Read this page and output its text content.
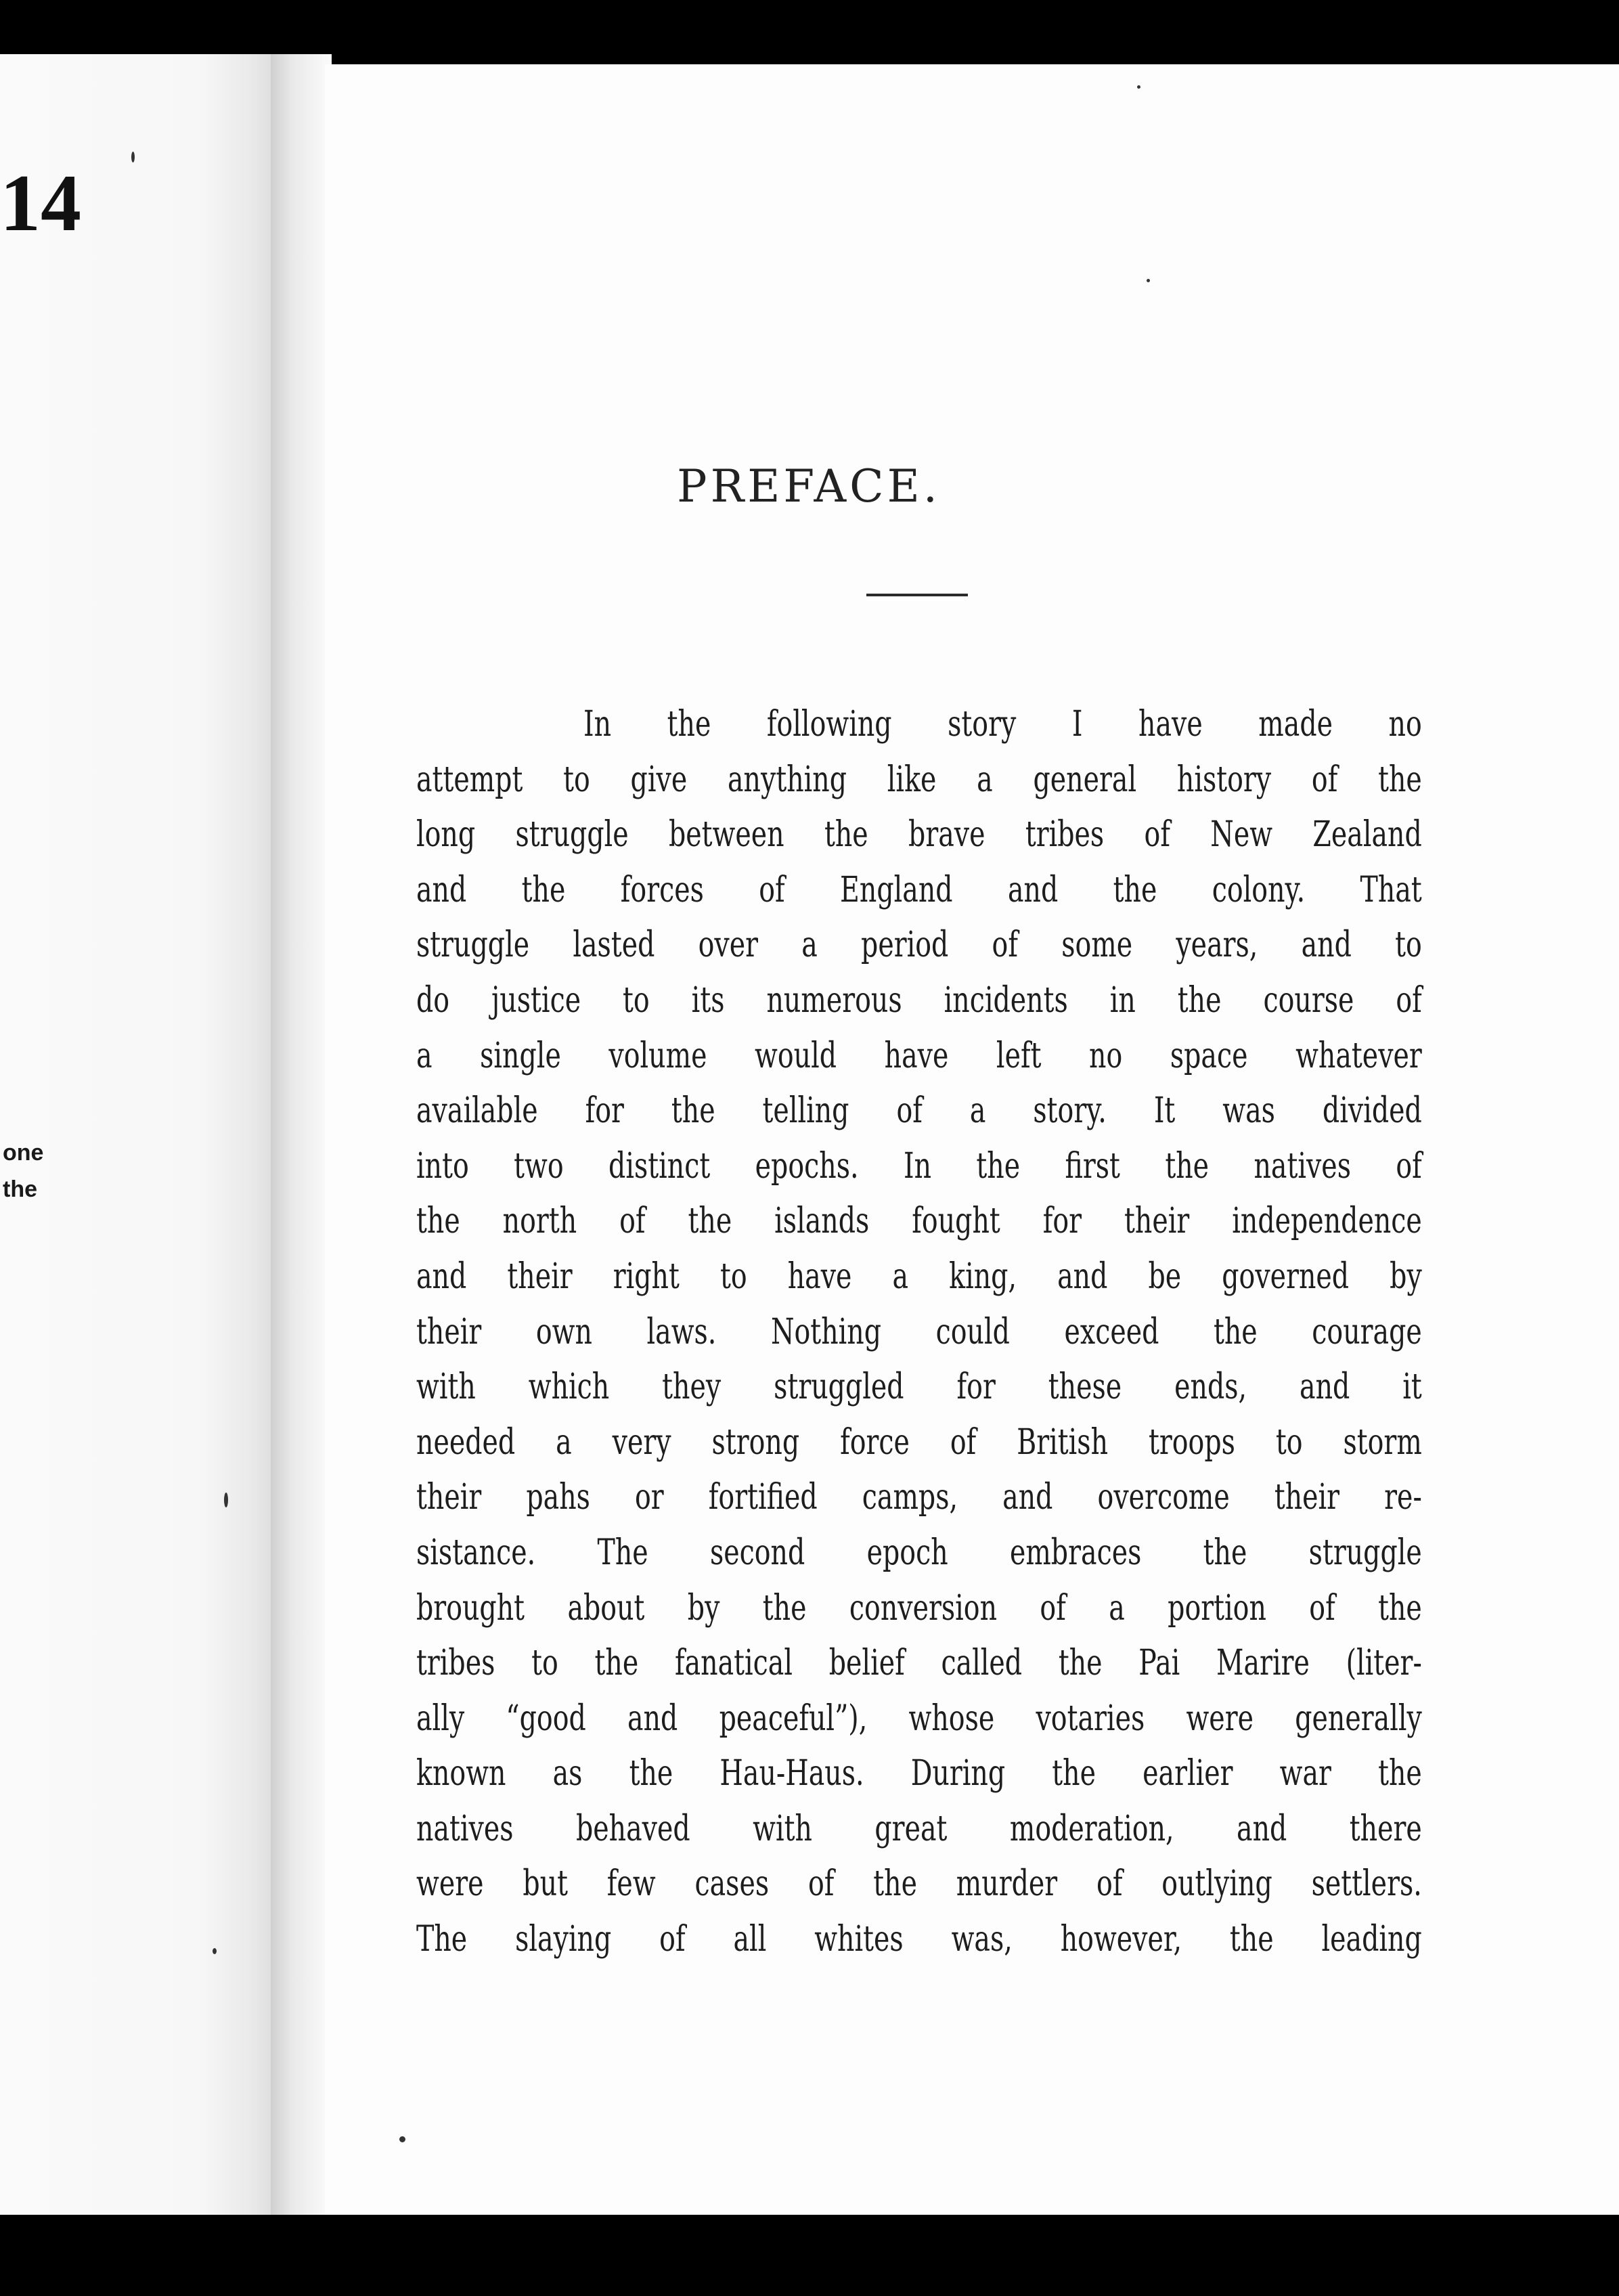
14

one

the

PREFACE.
In the following story I have made no
attempt to give anything like a general history of the
long struggle between the brave tribes of New Zealand
and the forces of England and the colony. That
struggle lasted over a period of some years, and to
do justice to its numerous incidents in the course of
a single volume would have left no space whatever
available for the telling of a story. It was divided
into two distinct epochs. In the first the natives of
the north of the islands fought for their independence
and their right to have a king, and be governed by
their own laws. Nothing could exceed the courage
with which they struggled for these ends, and it
needed a very strong force of British troops to storm
their pahs or fortified camps, and overcome their re-
sistance. The second epoch embraces the struggle
brought about by the conversion of a portion of the
tribes to the fanatical belief called the Pai Marire (liter-
ally “good and peaceful”), whose votaries were generally
known as the Hau-Haus. During the earlier war the
natives behaved with great moderation, and there
were but few cases of the murder of outlying settlers.
The slaying of all whites was, however, the leading
